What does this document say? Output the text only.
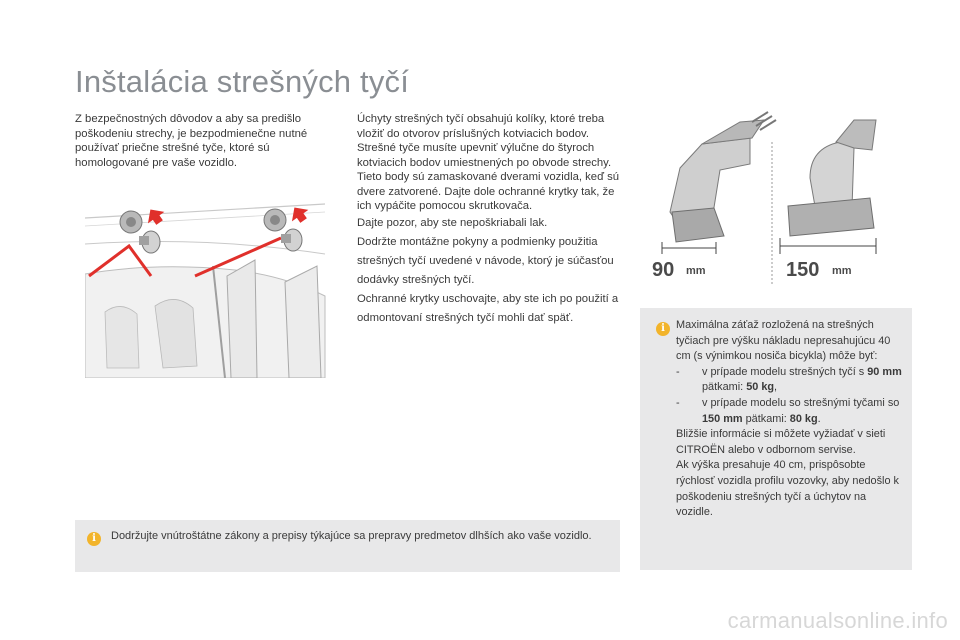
Inštalácia strešných tyčí

Z bezpečnostných dôvodov a aby sa predišlo poškodeniu strechy, je bezpodmienečne nutné používať priečne strešné tyče, ktoré sú homologované pre vaše vozidlo.

Úchyty strešných tyčí obsahujú kolíky, ktoré treba vložiť do otvorov príslušných kotviacich bodov.

Strešné tyče musíte upevniť výlučne do štyroch kotviacich bodov umiestnených po obvode strechy. Tieto body sú zamaskované dverami vozidla, keď sú dvere zatvorené. Dajte dole ochranné krytky tak, že ich vypáčite pomocou skrutkovača.

Dajte pozor, aby ste nepoškriabali lak.

Dodržte montážne pokyny a podmienky použitia strešných tyčí uvedené v návode, ktorý je súčasťou dodávky strešných tyčí.

Ochranné krytky uschovajte, aby ste ich po použití a odmontovaní strešných tyčí mohli dať späť.

90 mm	150 mm
i	Maximálna záťaž rozložená na strešných tyčiach pre výšku nákladu nepresahujúcu 40 cm (s výnimkou nosiča bicykla) môže byť:

-	v prípade modelu strešných tyčí s 90 mm pätkami: 50 kg,
-	v prípade modelu so strešnými tyčami so 150 mm pätkami: 80 kg.

Bližšie informácie si môžete vyžiadať v sieti CITROËN alebo v odbornom servise.

Ak výška presahuje 40 cm, prispôsobte rýchlosť vozidla profilu vozovky, aby nedošlo k poškodeniu strešných tyčí a úchytov na vozidle.

i	Dodržujte vnútroštátne zákony a prepisy týkajúce sa prepravy predmetov dlhších ako vaše vozidlo.

carmanualsonline.info
